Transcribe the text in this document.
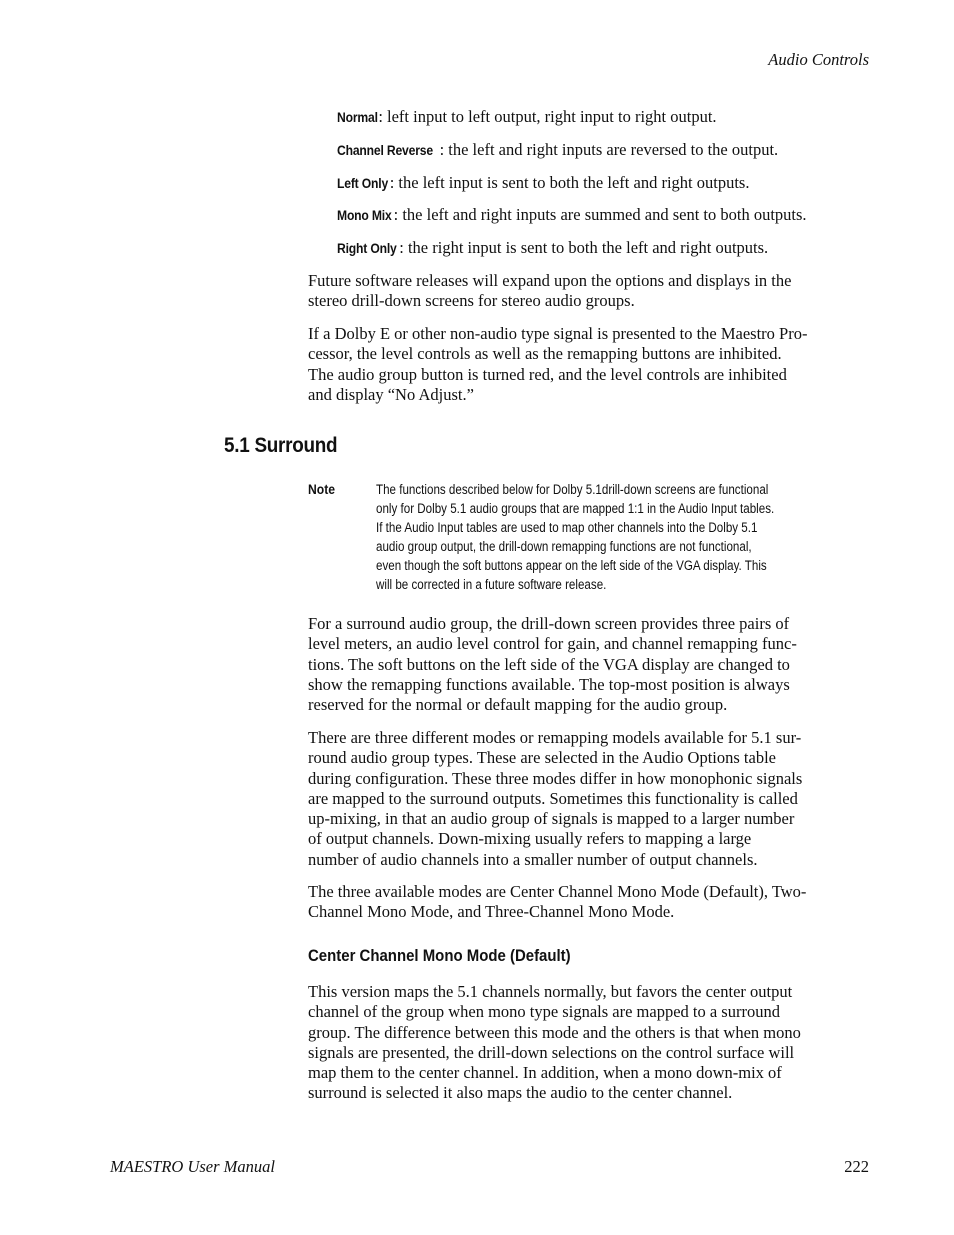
Audio Controls
Normal: left input to left output, right input to right output.
Channel Reverse : the left and right inputs are reversed to the output.
Left Only : the left input is sent to both the left and right outputs.
Mono Mix : the left and right inputs are summed and sent to both outputs.
Right Only : the right input is sent to both the left and right outputs.
Future software releases will expand upon the options and displays in the
stereo drill-down screens for stereo audio groups.
If a Dolby E or other non-audio type signal is presented to the Maestro Pro-
cessor, the level controls as well as the remapping buttons are inhibited.
The audio group button is turned red, and the level controls are inhibited
and display “No Adjust.”
5.1 Surround
Note	The functions described below for Dolby 5.1drill-down screens are functional
only for Dolby 5.1 audio groups that are mapped 1:1 in the Audio Input tables.
If the Audio Input tables are used to map other channels into the Dolby 5.1
audio group output, the drill-down remapping functions are not functional,
even though the soft buttons appear on the left side of the VGA display. This
will be corrected in a future software release.
For a surround audio group, the drill-down screen provides three pairs of
level meters, an audio level control for gain, and channel remapping func-
tions. The soft buttons on the left side of the VGA display are changed to
show the remapping functions available. The top-most position is always
reserved for the normal or default mapping for the audio group.
There are three different modes or remapping models available for 5.1 sur-
round audio group types. These are selected in the Audio Options table
during configuration. These three modes differ in how monophonic signals
are mapped to the surround outputs. Sometimes this functionality is called
up-mixing, in that an audio group of signals is mapped to a larger number
of output channels. Down-mixing usually refers to mapping a large
number of audio channels into a smaller number of output channels.
The three available modes are Center Channel Mono Mode (Default), Two-
Channel Mono Mode, and Three-Channel Mono Mode.
Center Channel Mono Mode (Default)
This version maps the 5.1 channels normally, but favors the center output
channel of the group when mono type signals are mapped to a surround
group. The difference between this mode and the others is that when mono
signals are presented, the drill-down selections on the control surface will
map them to the center channel. In addition, when a mono down-mix of
surround is selected it also maps the audio to the center channel.
MAESTRO User Manual	222
